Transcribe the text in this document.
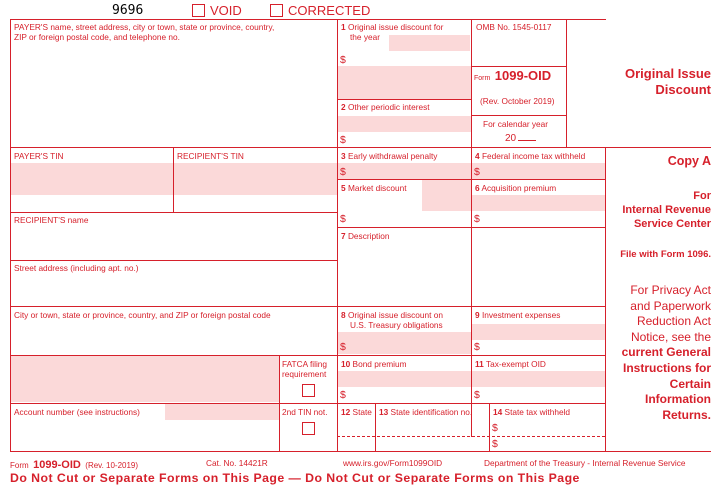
9696	VOID	CORRECTED
PAYER'S name, street address, city or town, state or province, country,
ZIP or foreign postal code, and telephone no.
PAYER'S TIN	RECIPIENT'S TIN
RECIPIENT'S name
Street address (including apt. no.)
City or town, state or province, country, and ZIP or foreign postal code
FATCA filing
requirement
Account number (see instructions)	2nd TIN not.
1 Original issue discount for
the year
$
2 Other periodic interest
$
OMB No. 1545-0117
Form 1099-OID
(Rev. October 2019)
For calendar year
20
3 Early withdrawal penalty
$
4 Federal income tax withheld
$
5 Market discount
$
6 Acquisition premium
$
7 Description
8 Original issue discount on
U.S. Treasury obligations
$
9 Investment expenses
$
10 Bond premium
$
11 Tax-exempt OID
$
12 State 13 State identification no.	14 State tax withheld
$
$
Original Issue
Discount
Copy A
For
Internal Revenue
Service Center
File with Form 1096.
For Privacy Act
and Paperwork
Reduction Act
Notice, see the
current General
Instructions for
Certain
Information
Returns.
Form 1099-OID (Rev. 10-2019)	Cat. No. 14421R	www.irs.gov/Form1099OID	Department of the Treasury - Internal Revenue Service
Do Not Cut or Separate Forms on This Page — Do Not Cut or Separate Forms on This Page
